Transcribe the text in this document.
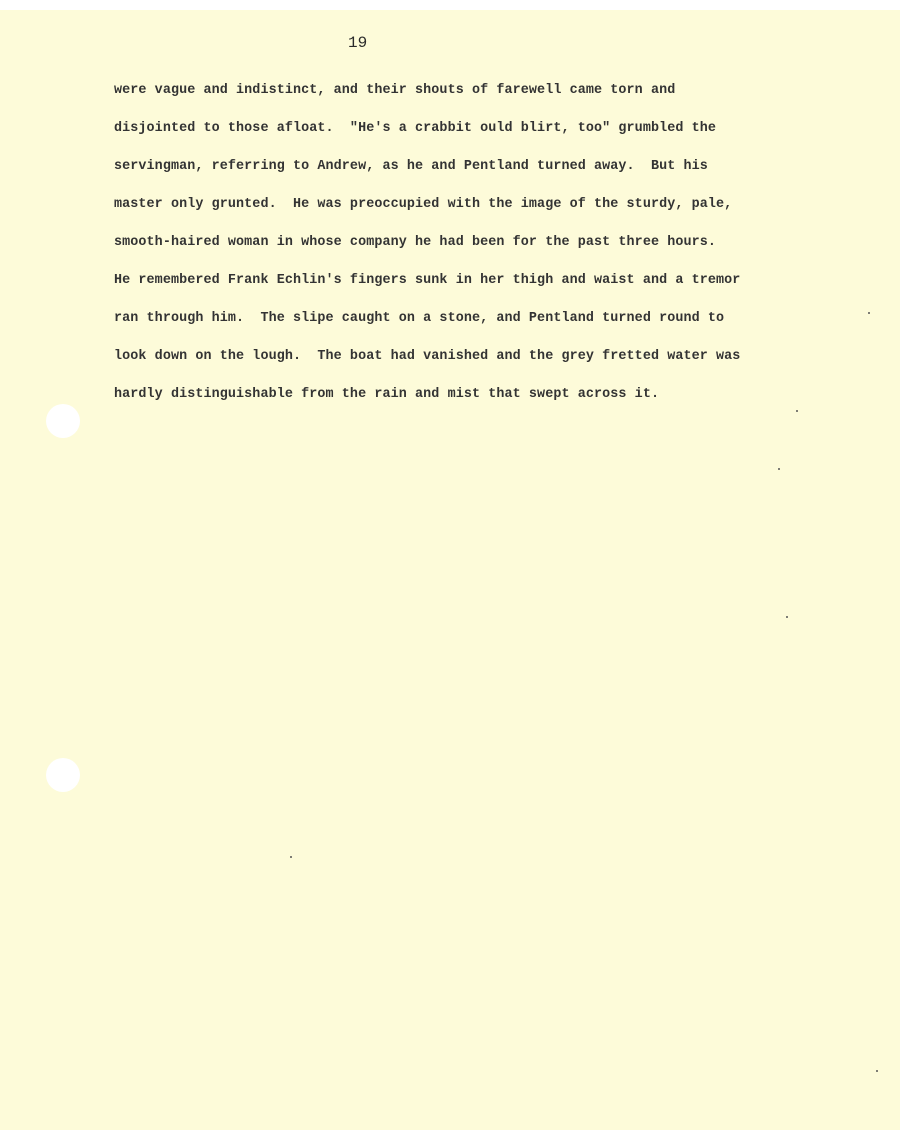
19
were vague and indistinct, and their shouts of farewell came torn and
disjointed to those afloat.  "He's a crabbit ould blirt, too" grumbled the
servingman, referring to Andrew, as he and Pentland turned away.  But his
master only grunted.  He was preoccupied with the image of the sturdy, pale,
smooth-haired woman in whose company he had been for the past three hours.
He remembered Frank Echlin's fingers sunk in her thigh and waist and a tremor
ran through him.  The slipe caught on a stone, and Pentland turned round to
look down on the lough.  The boat had vanished and the grey fretted water was
hardly distinguishable from the rain and mist that swept across it.
